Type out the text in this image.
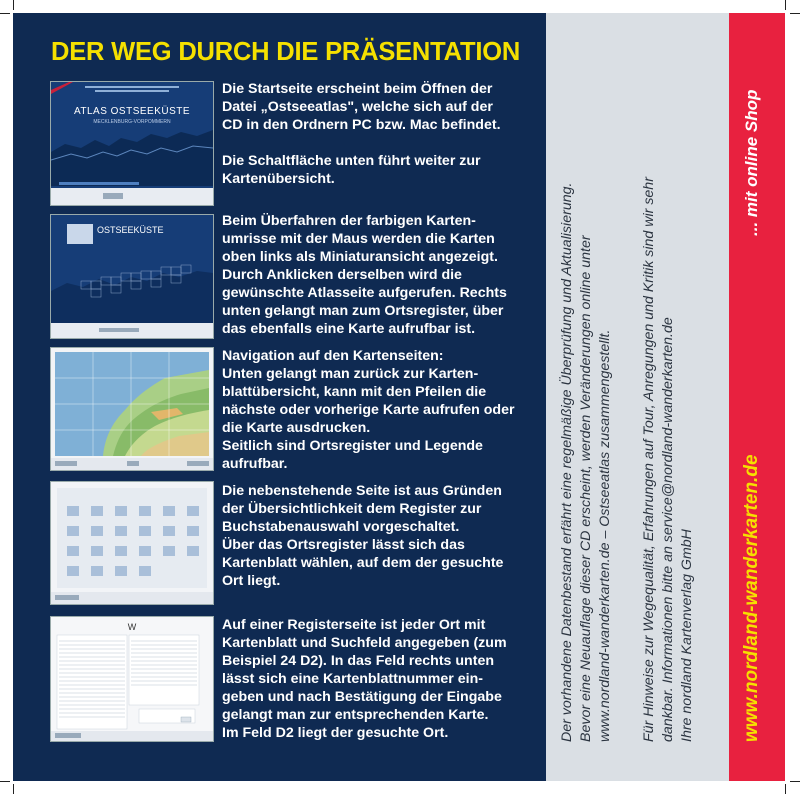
DER WEG DURCH DIE PRÄSENTATION
ATLAS OSTSEEKÜSTE
MECKLENBURG-VORPOMMERN
OSTSEEKÜSTE
W
Die Startseite erscheint beim Öffnen der
Datei „Ostseeatlas", welche sich auf der
CD in den Ordnern PC bzw. Mac befindet.
Die Schaltfläche unten führt weiter zur
Kartenübersicht.
Beim Überfahren der farbigen Karten-
umrisse mit der Maus werden die Karten
oben links als Miniaturansicht angezeigt.
Durch Anklicken derselben wird die
gewünschte Atlasseite aufgerufen. Rechts
unten gelangt man zum Ortsregister, über
das ebenfalls eine Karte aufrufbar ist.
Navigation auf den Kartenseiten:
Unten gelangt man zurück zur Karten-
blattübersicht, kann mit den Pfeilen die
nächste oder vorherige Karte aufrufen oder
die Karte ausdrucken.
Seitlich sind Ortsregister und Legende
aufrufbar.
Die nebenstehende Seite ist aus Gründen
der Übersichtlichkeit dem Register zur
Buchstabenauswahl vorgeschaltet.
Über das Ortsregister lässt sich das
Kartenblatt wählen, auf dem der gesuchte
Ort liegt.
Auf einer Registerseite ist jeder Ort mit
Kartenblatt und Suchfeld angegeben (zum
Beispiel 24 D2). In das Feld rechts unten
lässt sich eine Kartenblattnummer ein-
geben und nach Bestätigung der Eingabe
gelangt man zur entsprechenden Karte.
Im Feld D2 liegt der gesuchte Ort.	Der vorhandene Datenbestand erfährt eine regelmäßige Überprüfung und Aktualisierung. Bevor eine Neuauflage dieser CD erscheint, werden Veränderungen online unter www.nordland-wanderkarten.de – Ostseeatlas zusammengestellt. Für Hinweise zur Wegequalität, Erfahrungen auf Tour, Anregungen und Kritik sind wir sehr dankbar. Informationen bitte an service@nordland-wanderkarten.de Ihre nordland Kartenverlag GmbH www.nordland-wanderkarten.de
... mit online Shop
